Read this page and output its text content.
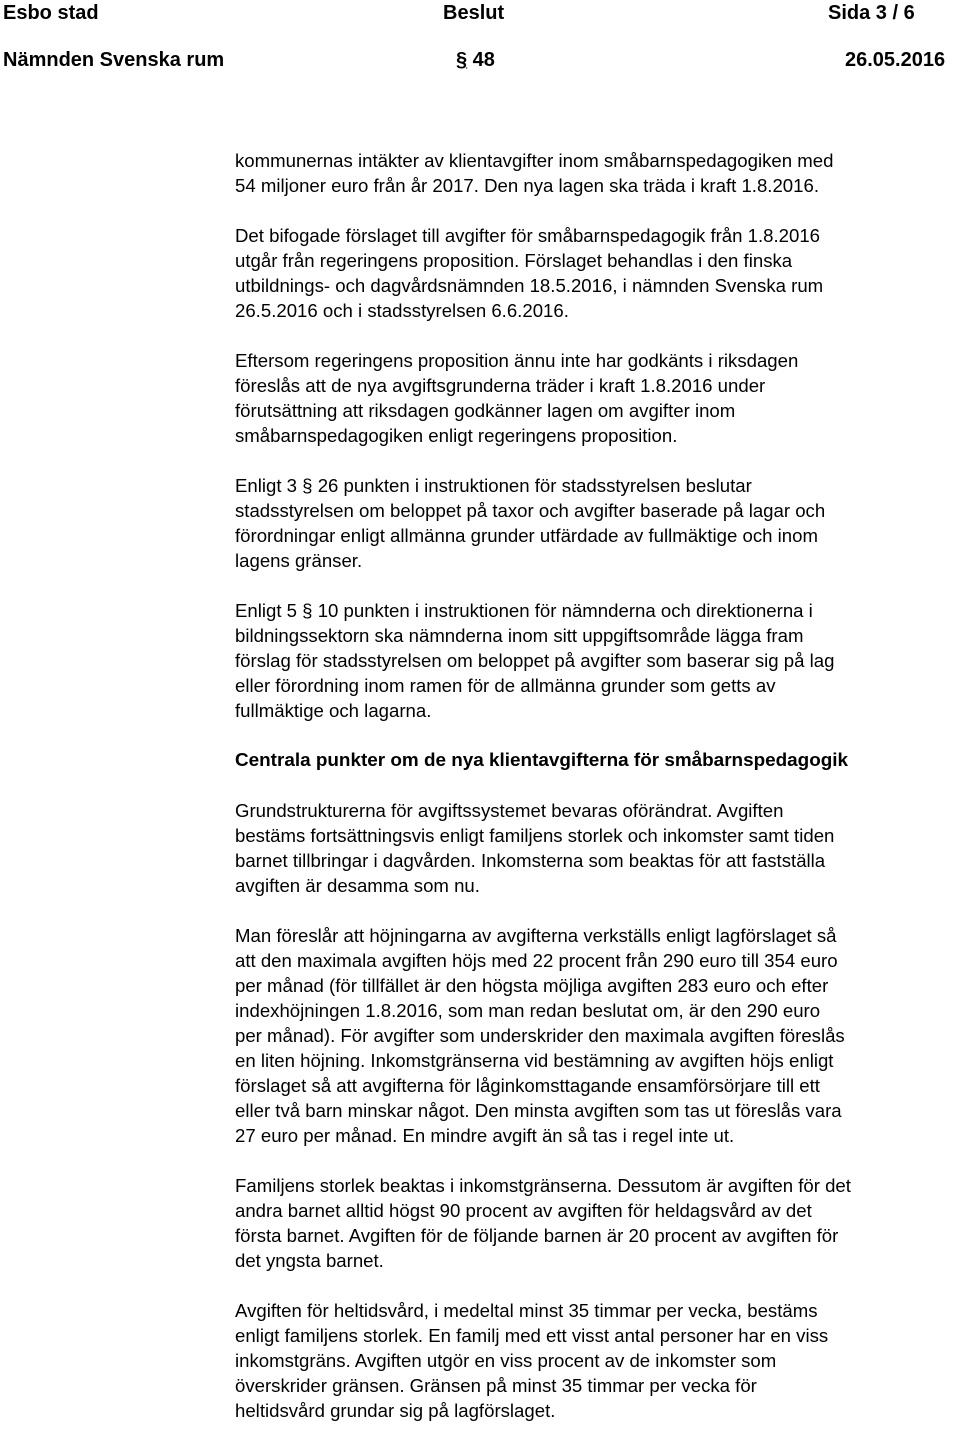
Esbo stad	Beslut	Sida 3 / 6
Nämnden Svenska rum	§ 48	26.05.2016

kommunernas intäkter av klientavgifter inom småbarnspedagogiken med
54 miljoner euro från år 2017. Den nya lagen ska träda i kraft 1.8.2016.

Det bifogade förslaget till avgifter för småbarnspedagogik från 1.8.2016
utgår från regeringens proposition. Förslaget behandlas i den finska
utbildnings- och dagvårdsnämnden 18.5.2016, i nämnden Svenska rum
26.5.2016 och i stadsstyrelsen 6.6.2016.

Eftersom regeringens proposition ännu inte har godkänts i riksdagen
föreslås att de nya avgiftsgrunderna träder i kraft 1.8.2016 under
förutsättning att riksdagen godkänner lagen om avgifter inom
småbarnspedagogiken enligt regeringens proposition.

Enligt 3 § 26 punkten i instruktionen för stadsstyrelsen beslutar
stadsstyrelsen om beloppet på taxor och avgifter baserade på lagar och
förordningar enligt allmänna grunder utfärdade av fullmäktige och inom
lagens gränser.

Enligt 5 § 10 punkten i instruktionen för nämnderna och direktionerna i
bildningssektorn ska nämnderna inom sitt uppgiftsområde lägga fram
förslag för stadsstyrelsen om beloppet på avgifter som baserar sig på lag
eller förordning inom ramen för de allmänna grunder som getts av
fullmäktige och lagarna.

Centrala punkter om de nya klientavgifterna för småbarnspedagogik

Grundstrukturerna för avgiftssystemet bevaras oförändrat. Avgiften
bestäms fortsättningsvis enligt familjens storlek och inkomster samt tiden
barnet tillbringar i dagvården. Inkomsterna som beaktas för att fastställa
avgiften är desamma som nu.

Man föreslår att höjningarna av avgifterna verkställs enligt lagförslaget så
att den maximala avgiften höjs med 22 procent från 290 euro till 354 euro
per månad (för tillfället är den högsta möjliga avgiften 283 euro och efter
indexhöjningen 1.8.2016, som man redan beslutat om, är den 290 euro
per månad). För avgifter som underskrider den maximala avgiften föreslås
en liten höjning. Inkomstgränserna vid bestämning av avgiften höjs enligt
förslaget så att avgifterna för låginkomsttagande ensamförsörjare till ett
eller två barn minskar något. Den minsta avgiften som tas ut föreslås vara
27 euro per månad. En mindre avgift än så tas i regel inte ut.

Familjens storlek beaktas i inkomstgränserna. Dessutom är avgiften för det
andra barnet alltid högst 90 procent av avgiften för heldagsvård av det
första barnet. Avgiften för de följande barnen är 20 procent av avgiften för
det yngsta barnet.

Avgiften för heltidsvård, i medeltal minst 35 timmar per vecka, bestäms
enligt familjens storlek. En familj med ett visst antal personer har en viss
inkomstgräns. Avgiften utgör en viss procent av de inkomster som
överskrider gränsen. Gränsen på minst 35 timmar per vecka för
heltidsvård grundar sig på lagförslaget.
